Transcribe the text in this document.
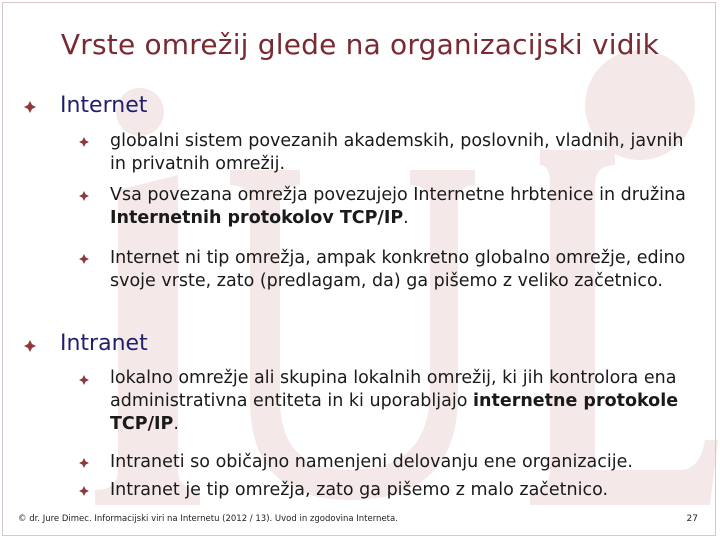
Vrste omrežij glede na organizacijski vidik
Internet
globalni sistem povezanih akademskih, poslovnih, vladnih, javnih in privatnih omrežij.
Vsa povezana omrežja povezujejo Internetne hrbtenice in družina Internetnih protokolov TCP/IP.
Internet ni tip omrežja, ampak konkretno globalno omrežje, edino svoje vrste, zato (predlagam, da) ga pišemo z veliko začetnico.
Intranet
lokalno omrežje ali skupina lokalnih omrežij, ki jih kontrolora ena administrativna entiteta in ki uporabljajo internetne protokole TCP/IP.
Intraneti so običajno namenjeni delovanju ene organizacije.
Intranet je tip omrežja, zato ga pišemo z malo začetnico.
© dr. Jure Dimec. Informacijski viri na Internetu (2012 / 13). Uvod in zgodovina Interneta.	27
